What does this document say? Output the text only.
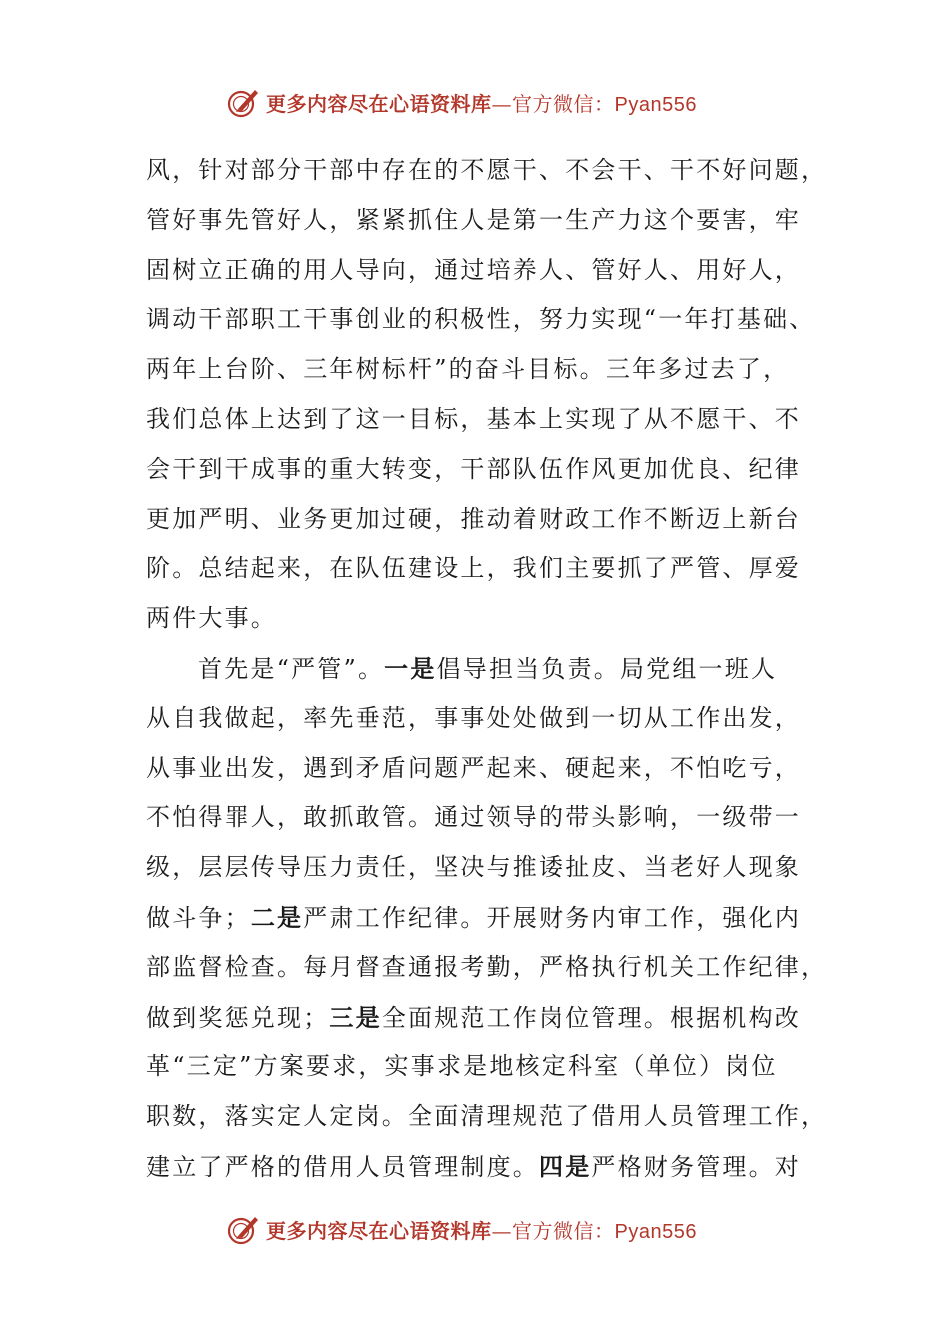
更多内容尽在心语资料库—官方微信：Pyan556
风，针对部分干部中存在的不愿干、不会干、干不好问题，
管好事先管好人，紧紧抓住人是第一生产力这个要害，牢
固树立正确的用人导向，通过培养人、管好人、用好人，
调动干部职工干事创业的积极性，努力实现“一年打基础、
两年上台阶、三年树标杆”的奋斗目标。三年多过去了，
我们总体上达到了这一目标，基本上实现了从不愿干、不
会干到干成事的重大转变，干部队伍作风更加优良、纪律
更加严明、业务更加过硬，推动着财政工作不断迈上新台
阶。总结起来，在队伍建设上，我们主要抓了严管、厚爱
两件大事。
首先是“严管”。一是倡导担当负责。局党组一班人
从自我做起，率先垂范，事事处处做到一切从工作出发，
从事业出发，遇到矛盾问题严起来、硬起来，不怕吃亏，
不怕得罪人，敢抓敢管。通过领导的带头影响，一级带一
级，层层传导压力责任，坚决与推诿扯皮、当老好人现象
做斗争；二是严肃工作纪律。开展财务内审工作，强化内
部监督检查。每月督查通报考勤，严格执行机关工作纪律，
做到奖惩兑现；三是全面规范工作岗位管理。根据机构改
革“三定”方案要求，实事求是地核定科室（单位）岗位
职数，落实定人定岗。全面清理规范了借用人员管理工作，
建立了严格的借用人员管理制度。四是严格财务管理。对
更多内容尽在心语资料库—官方微信：Pyan556
